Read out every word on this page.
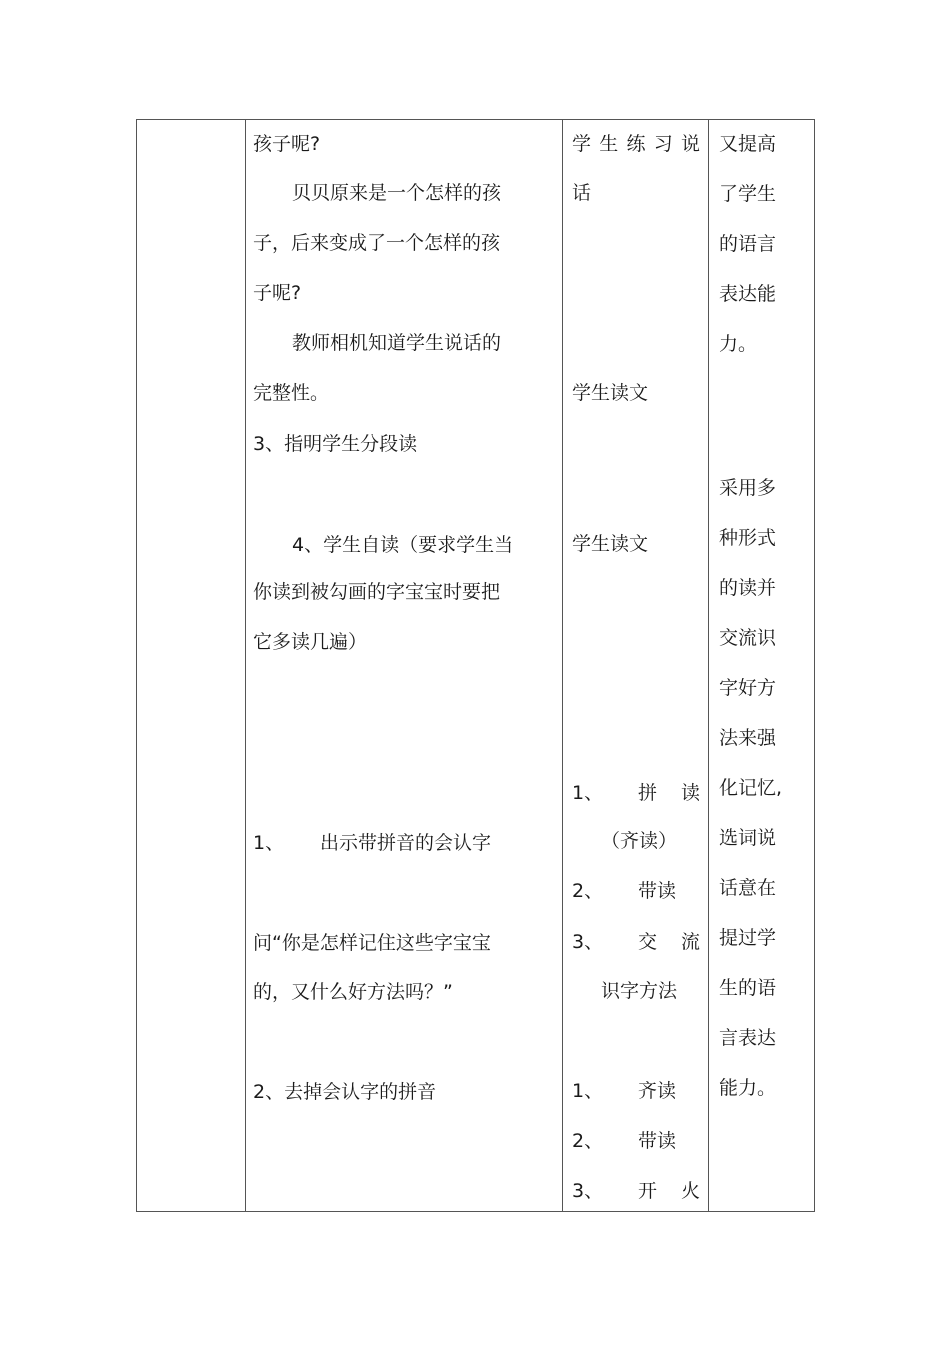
孩子呢?
贝贝原来是一个怎样的孩
子，后来变成了一个怎样的孩
子呢?
教师相机知道学生说话的
完整性。
3、指明学生分段读
4、学生自读（要求学生当
你读到被勾画的字宝宝时要把
它多读几遍）
1、 出示带拼音的会认字
问“你是怎样记住这些字宝宝
的，又什么好方法吗？”
2、去掉会认字的拼音
学 生 练 习 说
话
学生读文
学生读文
1、 拼 读
（齐读）
2、 带读
3、 交 流
识字方法
1、 齐读
2、 带读
3、 开 火
又提高
了学生
的语言
表达能
力。
采用多
种形式
的读并
交流识
字好方
法来强
化记忆,
选词说
话意在
提过学
生的语
言表达
能力。
